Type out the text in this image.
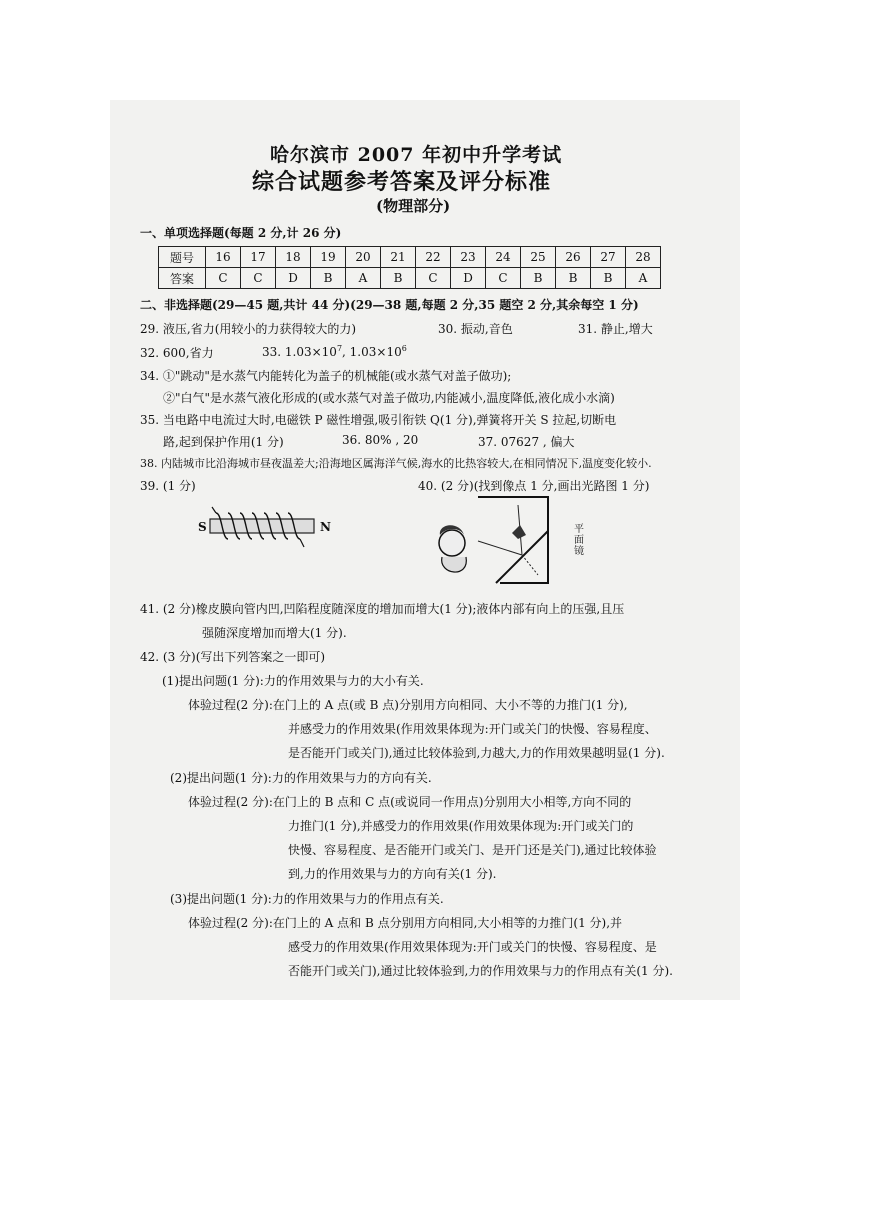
哈尔滨市 2007 年初中升学考试
综合试题参考答案及评分标准
(物理部分)
一、单项选择题(每题 2 分,计 26 分)
题号	16	17	18	19	20	21	22	23	24	25	26	27	28
答案	C	C	D	B	A	B	C	D	C	B	B	B	A
二、非选择题(29—45 题,共计 44 分)(29—38 题,每题 2 分,35 题空 2 分,其余每空 1 分)
29. 液压,省力(用较小的力获得较大的力)	30. 振动,音色	31. 静止,增大
32. 600,省力	33. $1.03\times 10^7$, $1.03\times 10^6$
34. ①"跳动"是水蒸气内能转化为盖子的机械能(或水蒸气对盖子做功);
②"白气"是水蒸气液化形成的(或水蒸气对盖子做功,内能减小,温度降低,液化成小水滴)
35. 当电路中电流过大时,电磁铁 P 磁性增强,吸引衔铁 Q(1 分),弹簧将开关 S 拉起,切断电
路,起到保护作用(1 分)	36. 80% , 20	37. 07627 , 偏大
38. 内陆城市比沿海城市昼夜温差大;沿海地区属海洋气候,海水的比热容较大,在相同情况下,温度变化较小.
39. (1 分)	40. (2 分)(找到像点 1 分,画出光路图 1 分)
S	N	平
面
镜
41. (2 分)橡皮膜向管内凹,凹陷程度随深度的增加而增大(1 分);液体内部有向上的压强,且压
强随深度增加而增大(1 分).
42. (3 分)(写出下列答案之一即可)
(1)提出问题(1 分):力的作用效果与力的大小有关.
体验过程(2 分):在门上的 A 点(或 B 点)分别用方向相同、大小不等的力推门(1 分),
并感受力的作用效果(作用效果体现为:开门或关门的快慢、容易程度、
是否能开门或关门),通过比较体验到,力越大,力的作用效果越明显(1 分).
(2)提出问题(1 分):力的作用效果与力的方向有关.
体验过程(2 分):在门上的 B 点和 C 点(或说同一作用点)分别用大小相等,方向不同的
力推门(1 分),并感受力的作用效果(作用效果体现为:开门或关门的
快慢、容易程度、是否能开门或关门、是开门还是关门),通过比较体验
到,力的作用效果与力的方向有关(1 分).
(3)提出问题(1 分):力的作用效果与力的作用点有关.
体验过程(2 分):在门上的 A 点和 B 点分别用方向相同,大小相等的力推门(1 分),并
感受力的作用效果(作用效果体现为:开门或关门的快慢、容易程度、是
否能开门或关门),通过比较体验到,力的作用效果与力的作用点有关(1 分).
